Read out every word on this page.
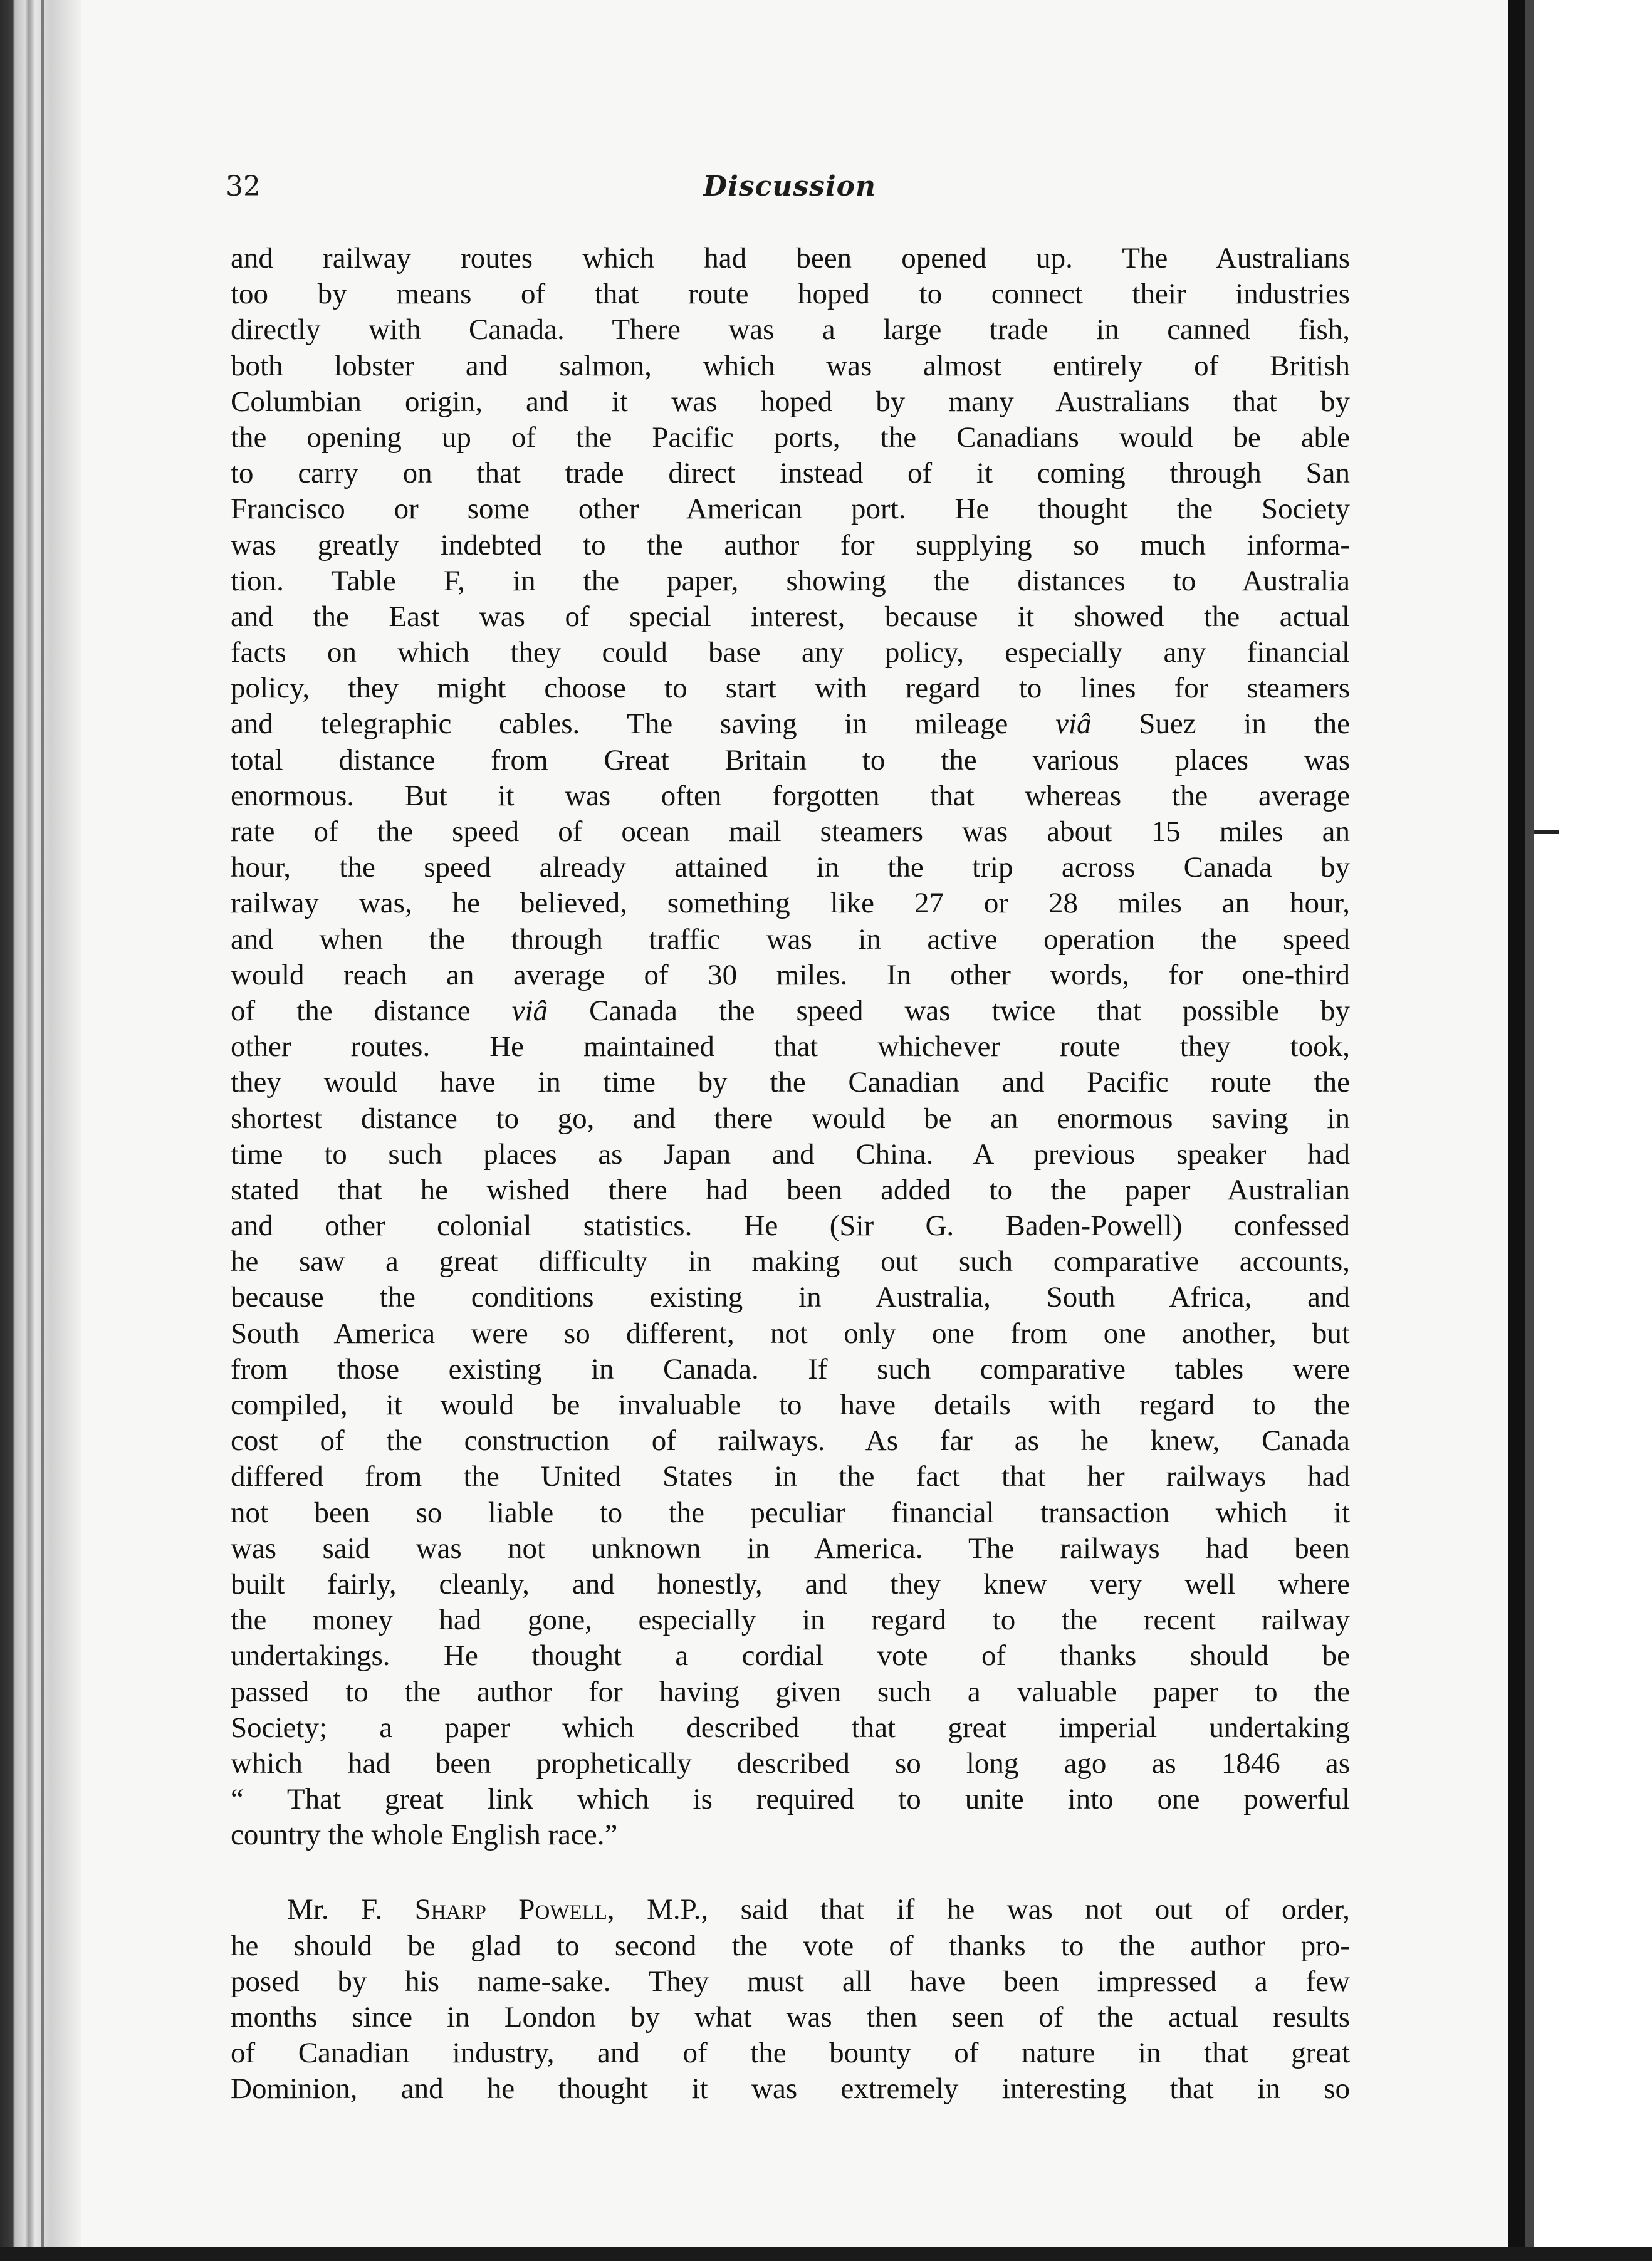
32	Discussion
and railway routes which had been opened up. The Australians
too by means of that route hoped to connect their industries
directly with Canada. There was a large trade in canned fish,
both lobster and salmon, which was almost entirely of British
Columbian origin, and it was hoped by many Australians that by
the opening up of the Pacific ports, the Canadians would be able
to carry on that trade direct instead of it coming through San
Francisco or some other American port. He thought the Society
was greatly indebted to the author for supplying so much informa-
tion. Table F, in the paper, showing the distances to Australia
and the East was of special interest, because it showed the actual
facts on which they could base any policy, especially any financial
policy, they might choose to start with regard to lines for steamers
and telegraphic cables. The saving in mileage viâ Suez in the
total distance from Great Britain to the various places was
enormous. But it was often forgotten that whereas the average
rate of the speed of ocean mail steamers was about 15 miles an
hour, the speed already attained in the trip across Canada by
railway was, he believed, something like 27 or 28 miles an hour,
and when the through traffic was in active operation the speed
would reach an average of 30 miles. In other words, for one-third
of the distance viâ Canada the speed was twice that possible by
other routes. He maintained that whichever route they took,
they would have in time by the Canadian and Pacific route the
shortest distance to go, and there would be an enormous saving in
time to such places as Japan and China. A previous speaker had
stated that he wished there had been added to the paper Australian
and other colonial statistics. He (Sir G. Baden-Powell) confessed
he saw a great difficulty in making out such comparative accounts,
because the conditions existing in Australia, South Africa, and
South America were so different, not only one from one another, but
from those existing in Canada. If such comparative tables were
compiled, it would be invaluable to have details with regard to the
cost of the construction of railways. As far as he knew, Canada
differed from the United States in the fact that her railways had
not been so liable to the peculiar financial transaction which it
was said was not unknown in America. The railways had been
built fairly, cleanly, and honestly, and they knew very well where
the money had gone, especially in regard to the recent railway
undertakings. He thought a cordial vote of thanks should be
passed to the author for having given such a valuable paper to the
Society; a paper which described that great imperial undertaking
which had been prophetically described so long ago as 1846 as
“ That great link which is required to unite into one powerful
country the whole English race.”
Mr. F. Sharp Powell, M.P., said that if he was not out of order,
he should be glad to second the vote of thanks to the author pro-
posed by his name-sake. They must all have been impressed a few
months since in London by what was then seen of the actual results
of Canadian industry, and of the bounty of nature in that great
Dominion, and he thought it was extremely interesting that in so
